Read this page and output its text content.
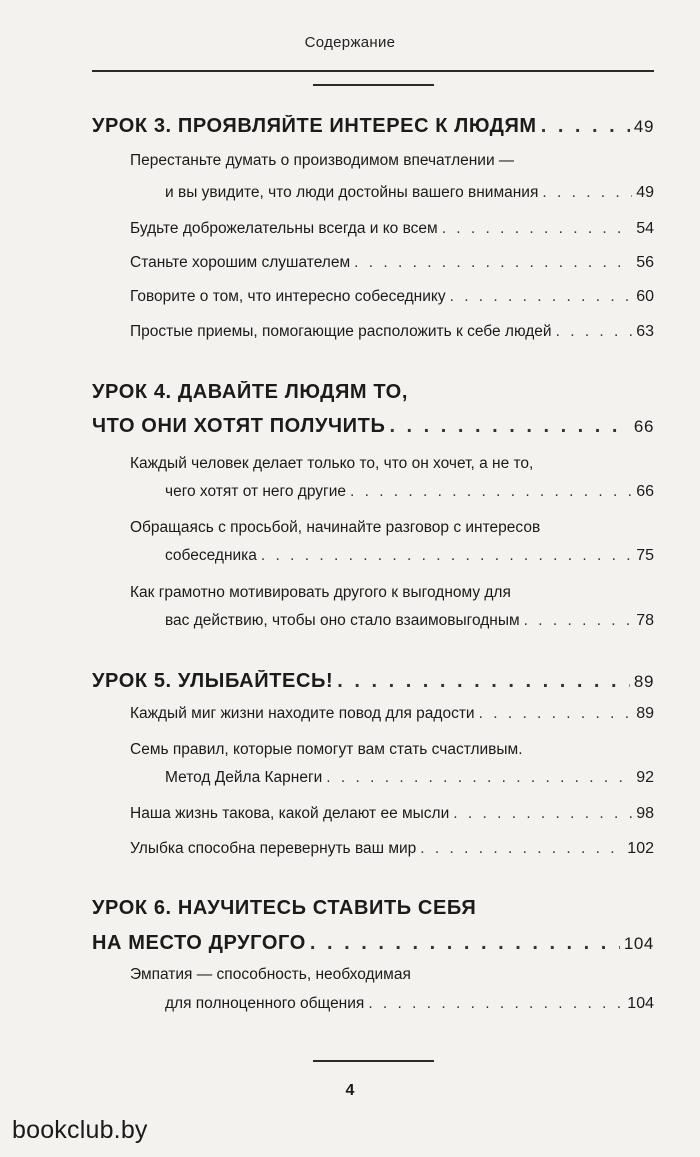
Содержание
УРОК 3. ПРОЯВЛЯЙТЕ ИНТЕРЕС К ЛЮДЯМ . . .	49
Перестаньте думать о производимом впечатлении —
и вы увидите, что люди достойны вашего внимания . . .	49
Будьте доброжелательны всегда и ко всем . . .	54
Станьте хорошим слушателем . . .	56
Говорите о том, что интересно собеседнику . . .	60
Простые приемы, помогающие расположить к себе людей . . .	63
УРОК 4. ДАВАЙТЕ ЛЮДЯМ ТО,
ЧТО ОНИ ХОТЯТ ПОЛУЧИТЬ . . .	66
Каждый человек делает только то, что он хочет, а не то,
чего хотят от него другие . . .	66
Обращаясь с просьбой, начинайте разговор с интересов
собеседника . . .	75
Как грамотно мотивировать другого к выгодному для
вас действию, чтобы оно стало взаимовыгодным . . .	78
УРОК 5. УЛЫБАЙТЕСЬ! . . .	89
Каждый миг жизни находите повод для радости . . .	89
Семь правил, которые помогут вам стать счастливым.
Метод Дейла Карнеги . . .	92
Наша жизнь такова, какой делают ее мысли . . .	98
Улыбка способна перевернуть ваш мир . . .	102
УРОК 6. НАУЧИТЕСЬ СТАВИТЬ СЕБЯ
НА МЕСТО ДРУГОГО . . .	104
Эмпатия — способность, необходимая
для полноценного общения . . .	104
4
bookclub.by
